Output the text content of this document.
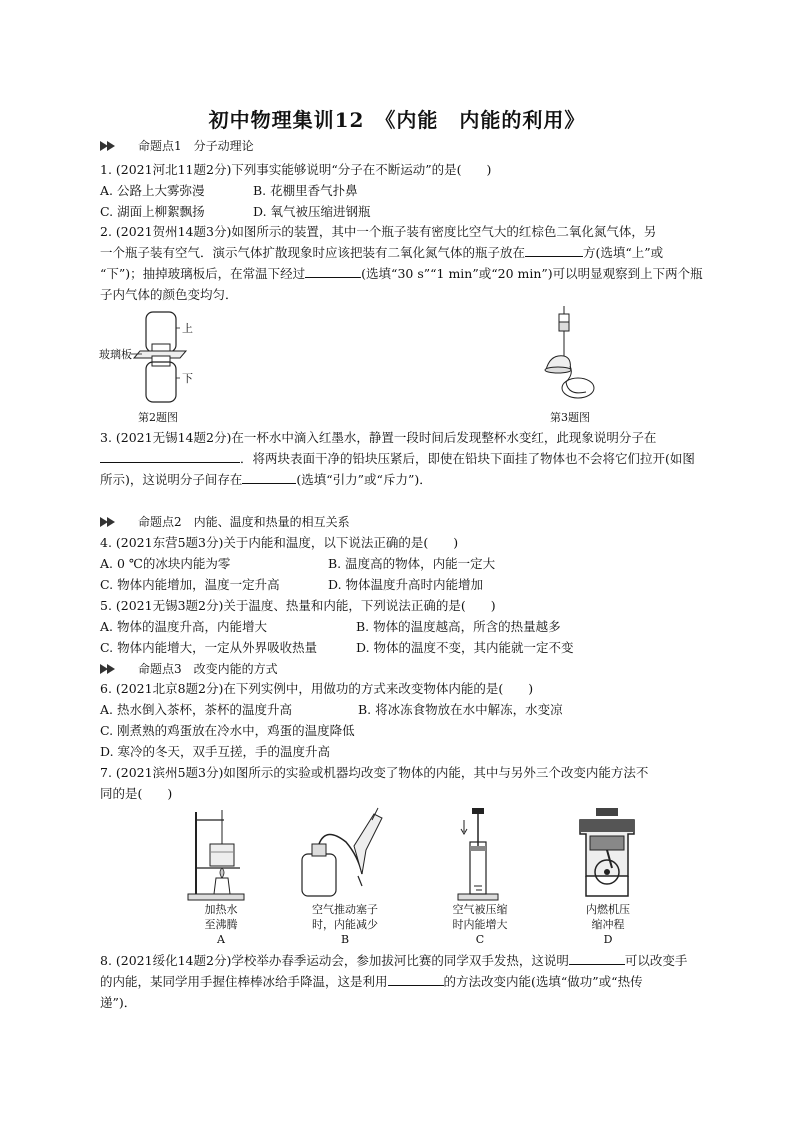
初中物理集训12　《内能　内能的利用》
命题点1　分子动理论
1. (2021河北11题2分)下列事实能够说明“分子在不断运动”的是(　　)
A. 公路上大雾弥漫	B. 花棚里香气扑鼻
C. 湖面上柳絮飘扬	D. 氧气被压缩进钢瓶
2. (2021贺州14题3分)如图所示的装置，其中一个瓶子装有密度比空气大的红棕色二氧化氮气体，另
一个瓶子装有空气．演示气体扩散现象时应该把装有二氧化氮气体的瓶子放在	方(选填“上”或
“下”)；抽掉玻璃板后，在常温下经过	(选填“30 s”“1 min”或“20 min”)可以明显观察到上下两个瓶
子内气体的颜色变均匀．
玻璃板
上
下
第2题图	第3题图
3. (2021无锡14题2分)在一杯水中滴入红墨水，静置一段时间后发现整杯水变红，此现象说明分子在
．将两块表面干净的铅块压紧后，即使在铅块下面挂了物体也不会将它们拉开(如图
所示)，这说明分子间存在	(选填“引力”或“斥力”)．
命题点2　内能、温度和热量的相互关系
4. (2021东营5题3分)关于内能和温度，以下说法正确的是(　　)
A. 0 ℃的冰块内能为零	B. 温度高的物体，内能一定大
C. 物体内能增加，温度一定升高	D. 物体温度升高时内能增加
5. (2021无锡3题2分)关于温度、热量和内能，下列说法正确的是(　　)
A. 物体的温度升高，内能增大	B. 物体的温度越高，所含的热量越多
C. 物体内能增大，一定从外界吸收热量	D. 物体的温度不变，其内能就一定不变
命题点3　改变内能的方式
6. (2021北京8题2分)在下列实例中，用做功的方式来改变物体内能的是(　　)
A. 热水倒入茶杯，茶杯的温度升高	B. 将冰冻食物放在水中解冻，水变凉
C. 刚煮熟的鸡蛋放在冷水中，鸡蛋的温度降低
D. 寒冷的冬天，双手互搓，手的温度升高
7. (2021滨州5题3分)如图所示的实验或机器均改变了物体的内能，其中与另外三个改变内能方法不
同的是(　　)
加热水
至沸腾
A
空气推动塞子
时，内能减少
B
空气被压缩
时内能增大
C
内燃机压
缩冲程
D
8. (2021绥化14题2分)学校举办春季运动会，参加拔河比赛的同学双手发热，这说明	可以改变手
的内能，某同学用手握住棒棒冰给手降温，这是利用	的方法改变内能(选填“做功”或“热传
递”)．
